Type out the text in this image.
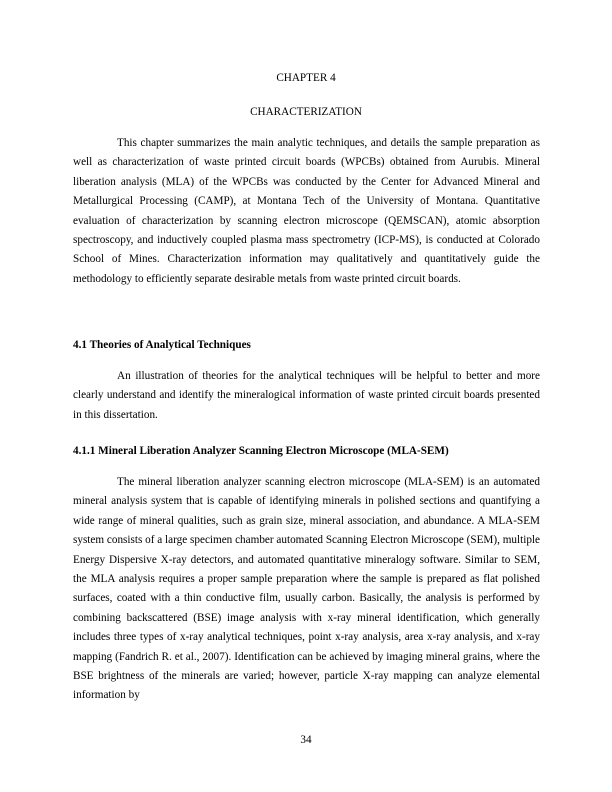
CHAPTER 4
CHARACTERIZATION

This chapter summarizes the main analytic techniques, and details the sample preparation as well as characterization of waste printed circuit boards (WPCBs) obtained from Aurubis. Mineral liberation analysis (MLA) of the WPCBs was conducted by the Center for Advanced Mineral and Metallurgical Processing (CAMP), at Montana Tech of the University of Montana. Quantitative evaluation of characterization by scanning electron microscope (QEMSCAN), atomic absorption spectroscopy, and inductively coupled plasma mass spectrometry (ICP-MS), is conducted at Colorado School of Mines. Characterization information may qualitatively and quantitatively guide the methodology to efficiently separate desirable metals from waste printed circuit boards.

4.1 Theories of Analytical Techniques

An illustration of theories for the analytical techniques will be helpful to better and more clearly understand and identify the mineralogical information of waste printed circuit boards presented in this dissertation.

4.1.1 Mineral Liberation Analyzer Scanning Electron Microscope (MLA-SEM)

The mineral liberation analyzer scanning electron microscope (MLA-SEM) is an automated mineral analysis system that is capable of identifying minerals in polished sections and quantifying a wide range of mineral qualities, such as grain size, mineral association, and abundance. A MLA-SEM system consists of a large specimen chamber automated Scanning Electron Microscope (SEM), multiple Energy Dispersive X-ray detectors, and automated quantitative mineralogy software. Similar to SEM, the MLA analysis requires a proper sample preparation where the sample is prepared as flat polished surfaces, coated with a thin conductive film, usually carbon. Basically, the analysis is performed by combining backscattered (BSE) image analysis with x-ray mineral identification, which generally includes three types of x-ray analytical techniques, point x-ray analysis, area x-ray analysis, and x-ray mapping (Fandrich R. et al., 2007). Identification can be achieved by imaging mineral grains, where the BSE brightness of the minerals are varied; however, particle X-ray mapping can analyze elemental information by

34
